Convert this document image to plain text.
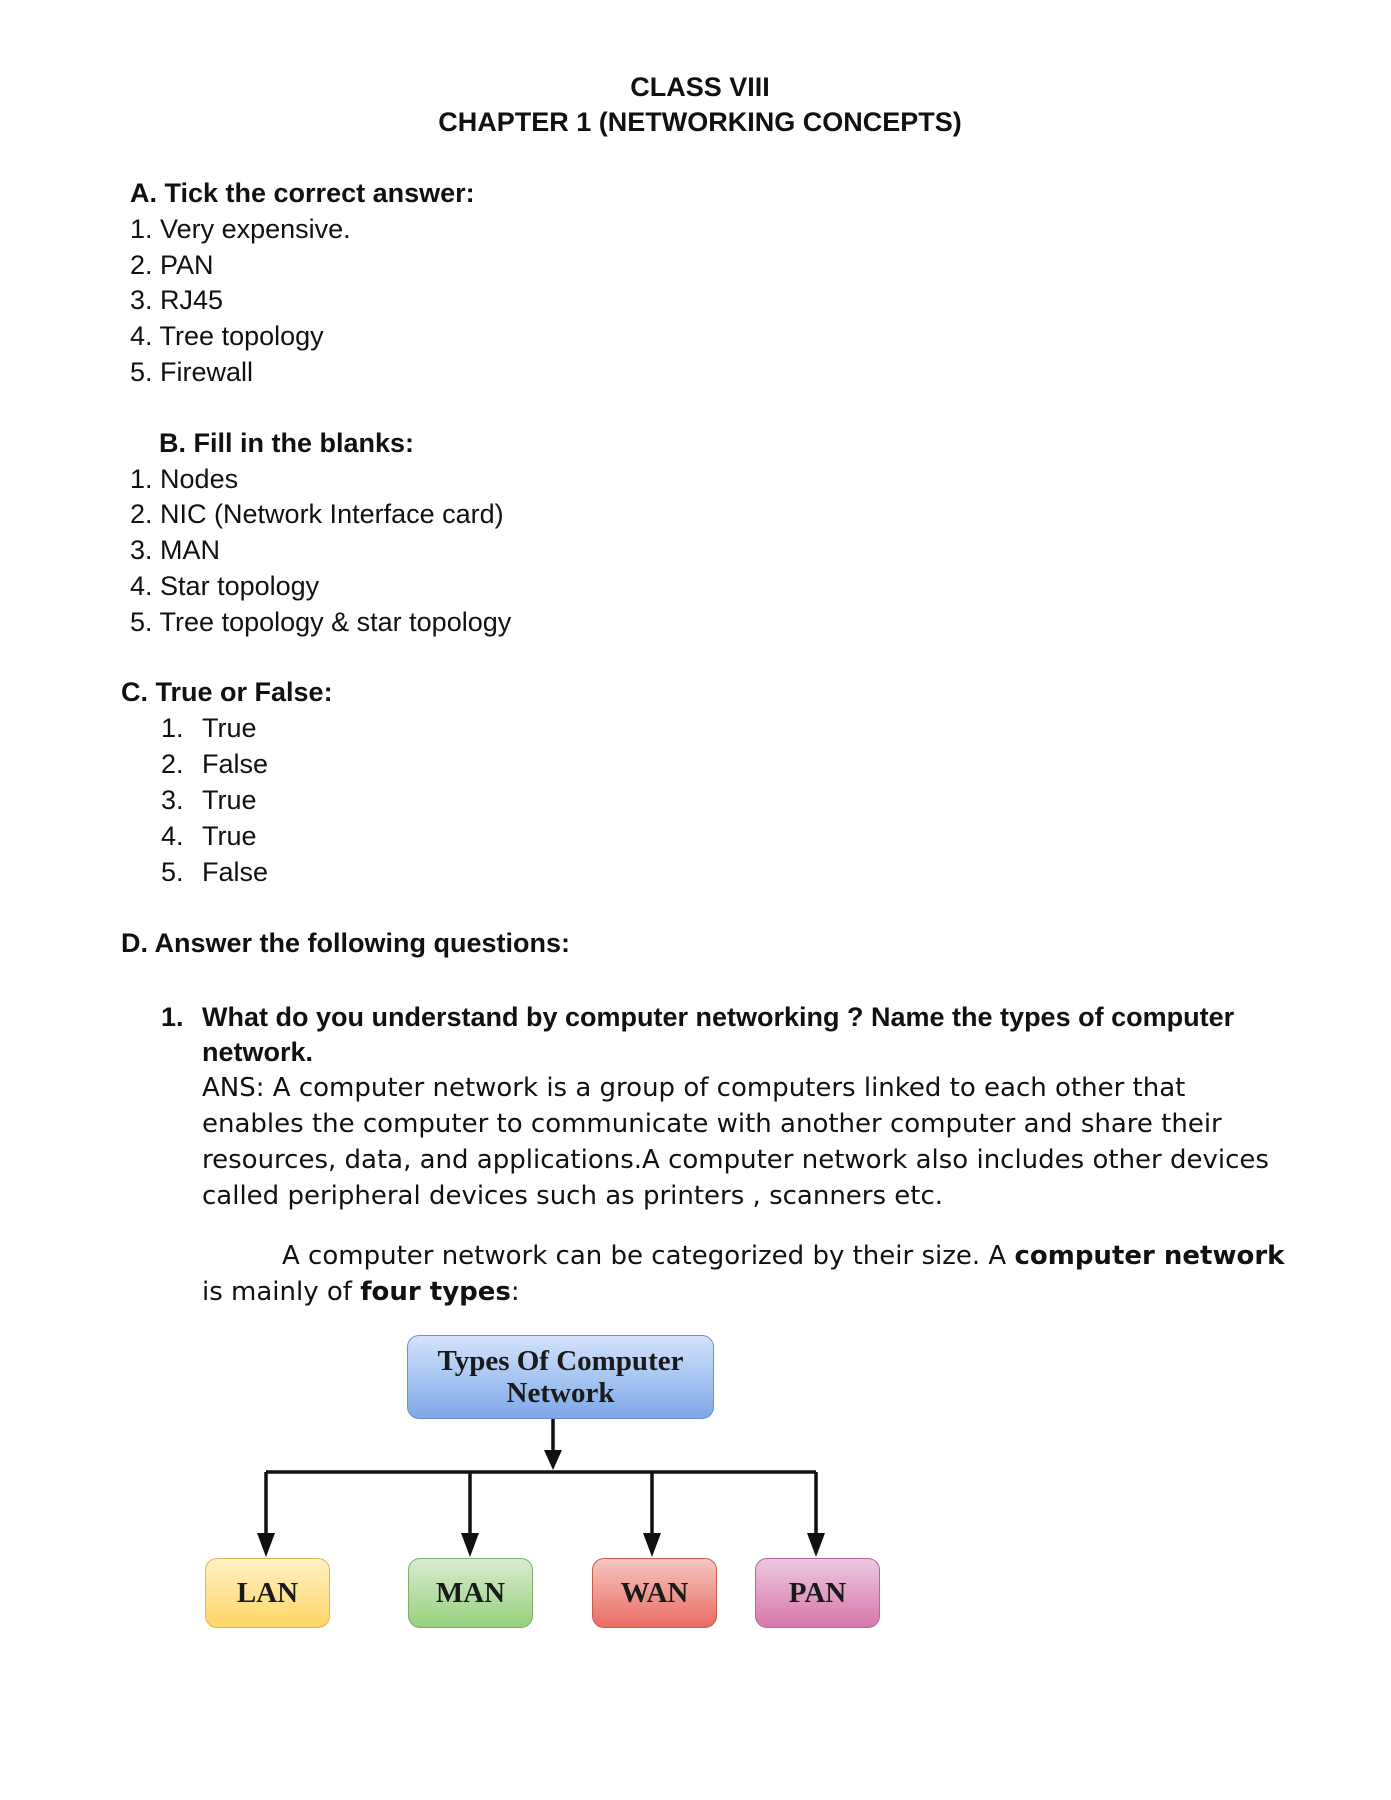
CLASS VIII
CHAPTER 1 (NETWORKING CONCEPTS)
A. Tick the correct answer:
1. Very expensive.
2. PAN
3. RJ45
4. Tree topology
5. Firewall
B. Fill in the blanks:
1. Nodes
2. NIC (Network Interface card)
3. MAN
4. Star topology
5. Tree topology & star topology
C. True or False:
1. True
2. False
3. True
4. True
5. False
D. Answer the following questions:
1. What do you understand by computer networking ? Name the types of computer
network.
ANS: A computer network is a group of computers linked to each other that
enables the computer to communicate with another computer and share their
resources, data, and applications.A computer network also includes other devices
called peripheral devices such as printers , scanners etc.
A computer network can be categorized by their size. A computer network
is mainly of four types:
Types Of Computer
Network
LAN	MAN	WAN	PAN
